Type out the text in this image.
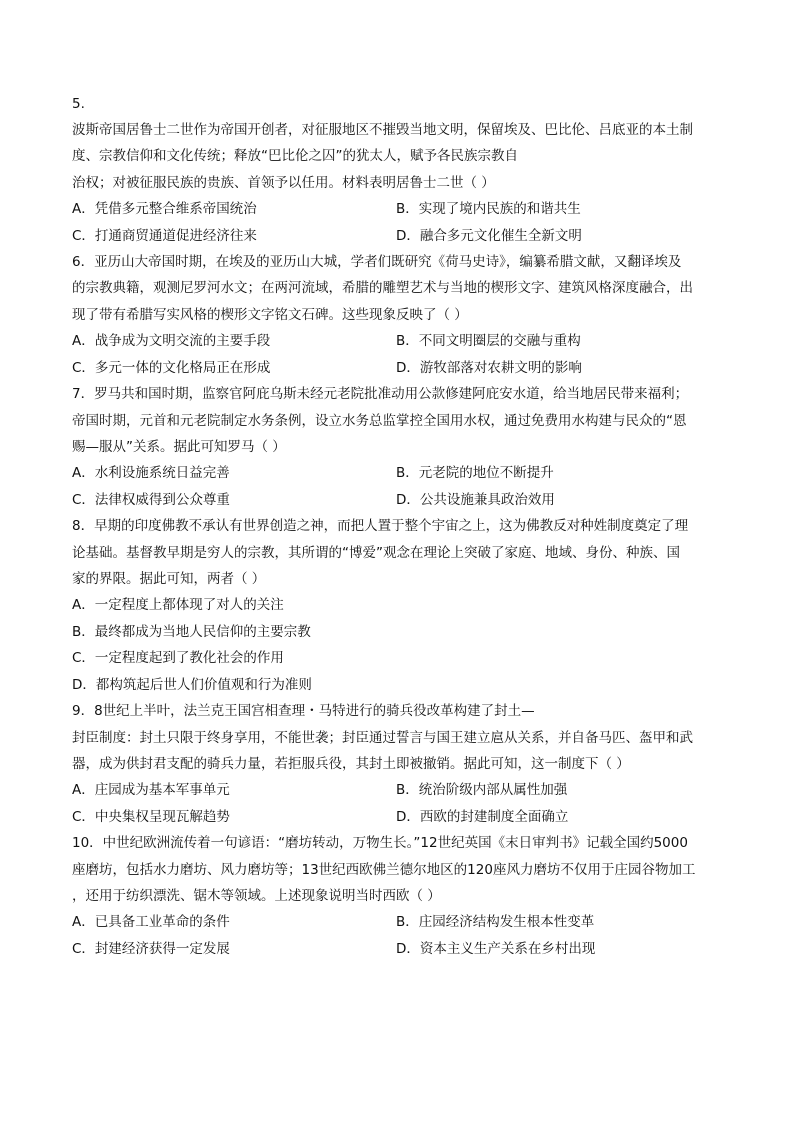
5.
波斯帝国居鲁士二世作为帝国开创者，对征服地区不摧毁当地文明，保留埃及、巴比伦、吕底亚的本土制
度、宗教信仰和文化传统；释放“巴比伦之囚”的犹太人，赋予各民族宗教自
治权；对被征服民族的贵族、首领予以任用。材料表明居鲁士二世（ ）
A．凭借多元整合维系帝国统治	B．实现了境内民族的和谐共生
C．打通商贸通道促进经济往来	D．融合多元文化催生全新文明
6．亚历山大帝国时期，在埃及的亚历山大城，学者们既研究《荷马史诗》，编纂希腊文献，又翻译埃及
的宗教典籍，观测尼罗河水文；在两河流域，希腊的雕塑艺术与当地的楔形文字、建筑风格深度融合，出
现了带有希腊写实风格的楔形文字铭文石碑。这些现象反映了（ ）
A．战争成为文明交流的主要手段	B．不同文明圈层的交融与重构
C．多元一体的文化格局正在形成	D．游牧部落对农耕文明的影响
7．罗马共和国时期，监察官阿庇乌斯未经元老院批准动用公款修建阿庇安水道，给当地居民带来福利；
帝国时期，元首和元老院制定水务条例，设立水务总监掌控全国用水权，通过免费用水构建与民众的“恩
赐—服从”关系。据此可知罗马（ ）
A．水利设施系统日益完善	B．元老院的地位不断提升
C．法律权威得到公众尊重	D．公共设施兼具政治效用
8．早期的印度佛教不承认有世界创造之神，而把人置于整个宇宙之上，这为佛教反对种姓制度奠定了理
论基础。基督教早期是穷人的宗教，其所谓的“博爱”观念在理论上突破了家庭、地域、身份、种族、国
家的界限。据此可知，两者（ ）
A．一定程度上都体现了对人的关注
B．最终都成为当地人民信仰的主要宗教
C．一定程度起到了教化社会的作用
D．都构筑起后世人们价值观和行为准则
9．8世纪上半叶，法兰克王国宫相查理・马特进行的骑兵役改革构建了封土—
封臣制度：封土只限于终身享用，不能世袭；封臣通过誓言与国王建立扈从关系，并自备马匹、盔甲和武
器，成为供封君支配的骑兵力量，若拒服兵役，其封土即被撤销。据此可知，这一制度下（ ）
A．庄园成为基本军事单元	B．统治阶级内部从属性加强
C．中央集权呈现瓦解趋势	D．西欧的封建制度全面确立
10．中世纪欧洲流传着一句谚语：“磨坊转动，万物生长。”12世纪英国《末日审判书》记载全国约5000
座磨坊，包括水力磨坊、风力磨坊等；13世纪西欧佛兰德尔地区的120座风力磨坊不仅用于庄园谷物加工
，还用于纺织漂洗、锯木等领域。上述现象说明当时西欧（ ）
A．已具备工业革命的条件	B．庄园经济结构发生根本性变革
C．封建经济获得一定发展	D．资本主义生产关系在乡村出现
